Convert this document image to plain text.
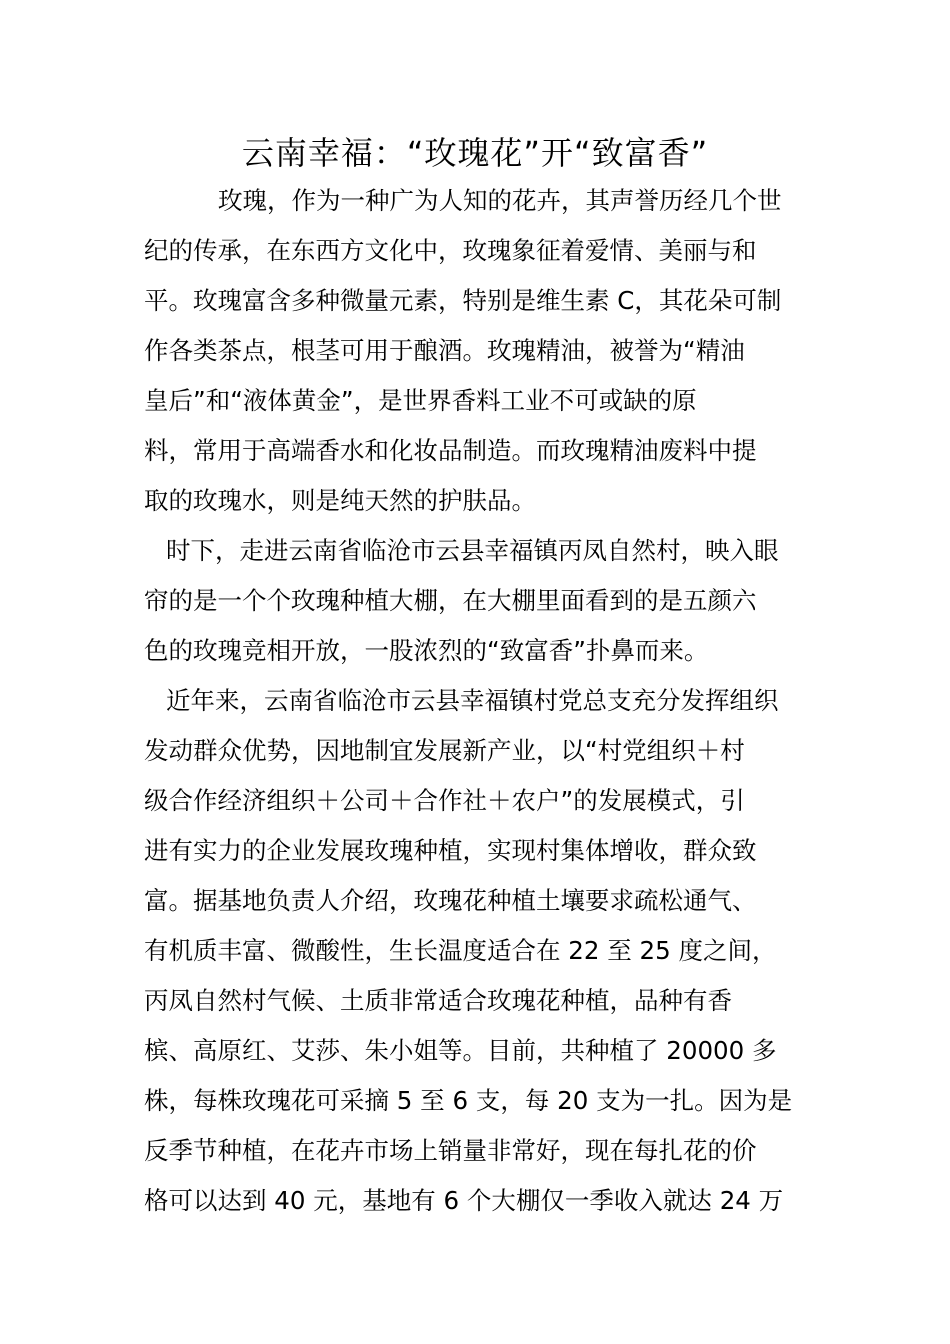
云南幸福：“玫瑰花”开“致富香”
玫瑰，作为一种广为人知的花卉，其声誉历经几个世
纪的传承，在东西方文化中，玫瑰象征着爱情、美丽与和
平。玫瑰富含多种微量元素，特别是维生素 C，其花朵可制
作各类茶点，根茎可用于酿酒。玫瑰精油，被誉为“精油
皇后”和“液体黄金”，是世界香料工业不可或缺的原
料，常用于高端香水和化妆品制造。而玫瑰精油废料中提
取的玫瑰水，则是纯天然的护肤品。
时下，走进云南省临沧市云县幸福镇丙凤自然村，映入眼
帘的是一个个玫瑰种植大棚，在大棚里面看到的是五颜六
色的玫瑰竞相开放，一股浓烈的“致富香”扑鼻而来。
近年来，云南省临沧市云县幸福镇村党总支充分发挥组织
发动群众优势，因地制宜发展新产业，以“村党组织＋村
级合作经济组织＋公司＋合作社＋农户”的发展模式，引
进有实力的企业发展玫瑰种植，实现村集体增收，群众致
富。据基地负责人介绍，玫瑰花种植土壤要求疏松通气、
有机质丰富、微酸性，生长温度适合在 22 至 25 度之间，
丙凤自然村气候、土质非常适合玫瑰花种植，品种有香
槟、高原红、艾莎、朱小姐等。目前，共种植了 20000 多
株，每株玫瑰花可采摘 5 至 6 支，每 20 支为一扎。因为是
反季节种植，在花卉市场上销量非常好，现在每扎花的价
格可以达到 40 元，基地有 6 个大棚仅一季收入就达 24 万
